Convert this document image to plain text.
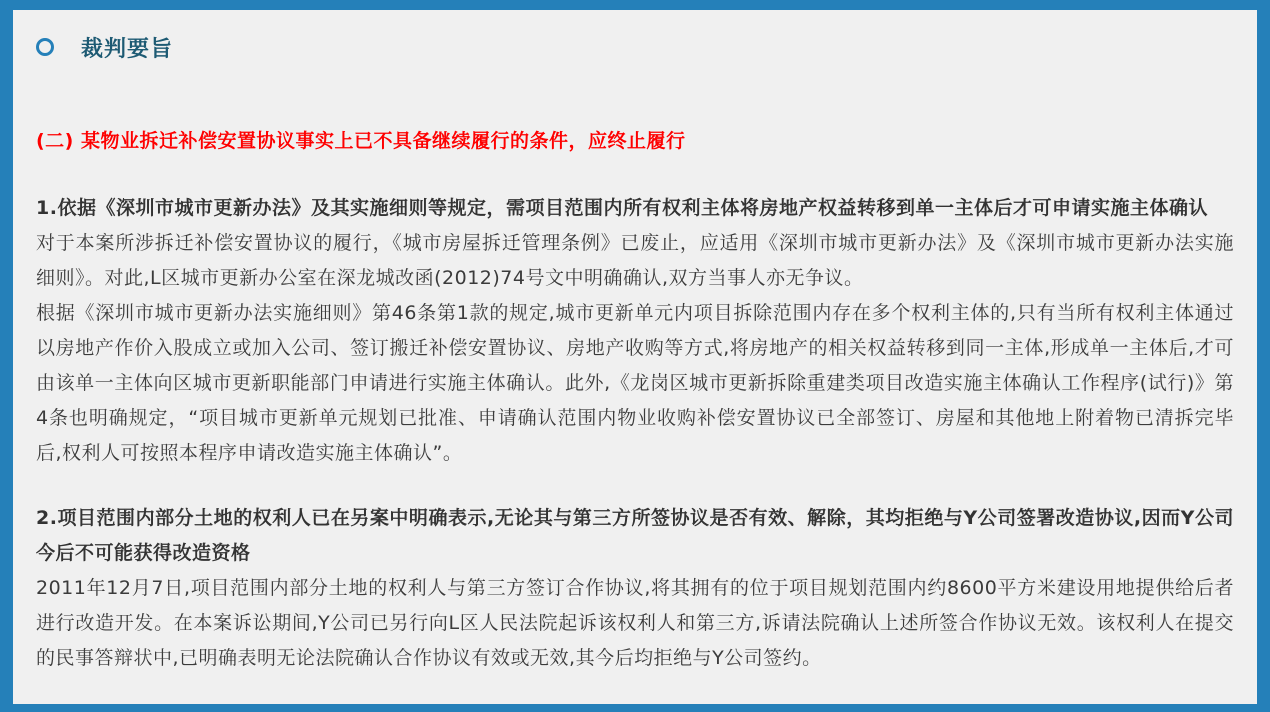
裁判要旨
(二) 某物业拆迁补偿安置协议事实上已不具备继续履行的条件，应终止履行

1.依据《深圳市城市更新办法》及其实施细则等规定，需项目范围内所有权利主体将房地产权益转移到单一主体后才可申请实施主体确认

对于本案所涉拆迁补偿安置协议的履行，《城市房屋拆迁管理条例》已废止，应适用《深圳市城市更新办法》及《深圳市城市更新办法实施细则》。对此,L区城市更新办公室在深龙城改函(2012)74号文中明确确认,双方当事人亦无争议。

根据《深圳市城市更新办法实施细则》第46条第1款的规定,城市更新单元内项目拆除范围内存在多个权利主体的,只有当所有权利主体通过以房地产作价入股成立或加入公司、签订搬迁补偿安置协议、房地产收购等方式,将房地产的相关权益转移到同一主体,形成单一主体后,才可由该单一主体向区城市更新职能部门申请进行实施主体确认。此外,《龙岗区城市更新拆除重建类项目改造实施主体确认工作程序(试行)》第4条也明确规定，“项目城市更新单元规划已批准、申请确认范围内物业收购补偿安置协议已全部签订、房屋和其他地上附着物已清拆完毕后,权利人可按照本程序申请改造实施主体确认”。

2.项目范围内部分土地的权利人已在另案中明确表示,无论其与第三方所签协议是否有效、解除，其均拒绝与Y公司签署改造协议,因而Y公司今后不可能获得改造资格

2011年12月7日,项目范围内部分土地的权利人与第三方签订合作协议,将其拥有的位于项目规划范围内约8600平方米建设用地提供给后者进行改造开发。在本案诉讼期间,Y公司已另行向L区人民法院起诉该权利人和第三方,诉请法院确认上述所签合作协议无效。该权利人在提交的民事答辩状中,已明确表明无论法院确认合作协议有效或无效,其今后均拒绝与Y公司签约。
